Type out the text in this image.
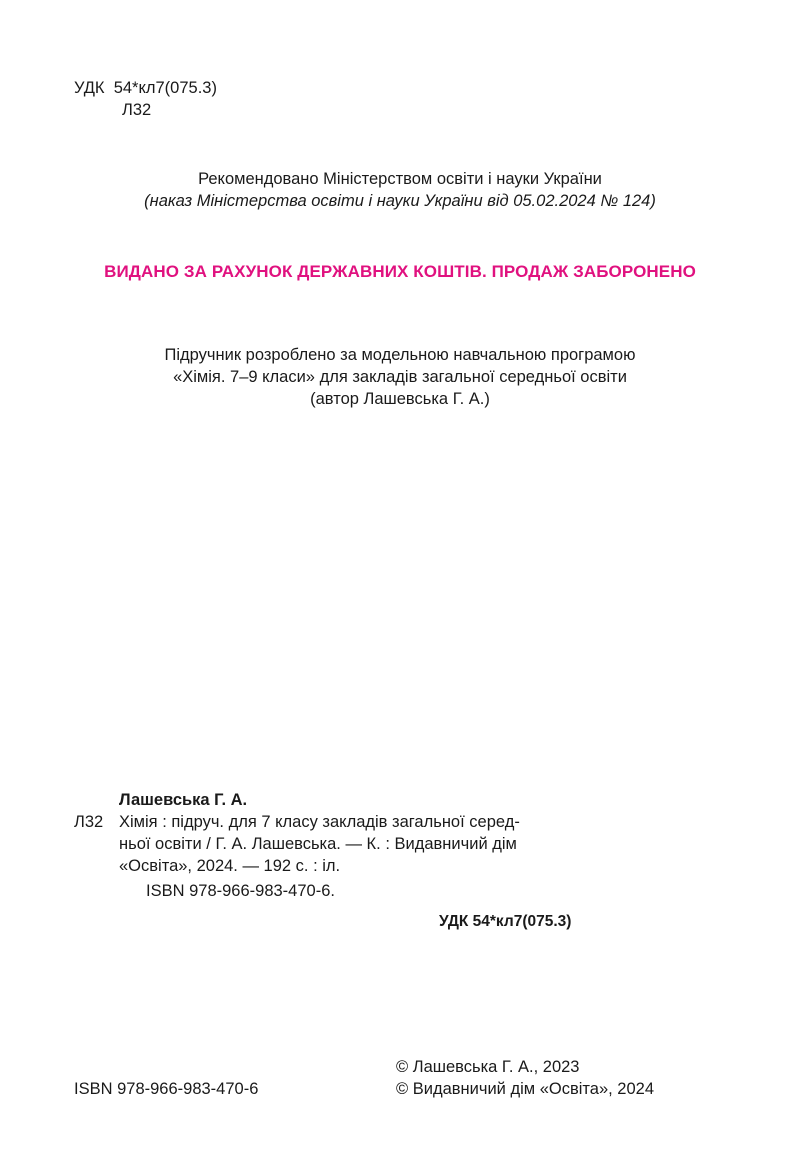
УДК 54*кл7(075.3)
Л32
Рекомендовано Міністерством освіти і науки України
(наказ Міністерства освіти і науки України від 05.02.2024 № 124)
ВИДАНО ЗА РАХУНОК ДЕРЖАВНИХ КОШТІВ. ПРОДАЖ ЗАБОРОНЕНО
Підручник розроблено за модельною навчальною програмою
«Хімія. 7–9 класи» для закладів загальної середньої освіти
(автор Лашевська Г. А.)
Лашевська Г. А.
Л32 Хімія : підруч. для 7 класу закладів загальної серед-
ньої освіти / Г. А. Лашевська. — К. : Видавничий дім
«Освіта», 2024. — 192 с. : іл.
ISBN 978-966-983-470-6.
УДК 54*кл7(075.3)
ISBN 978-966-983-470-6
© Лашевська Г. А., 2023
© Видавничий дім «Освіта», 2024
